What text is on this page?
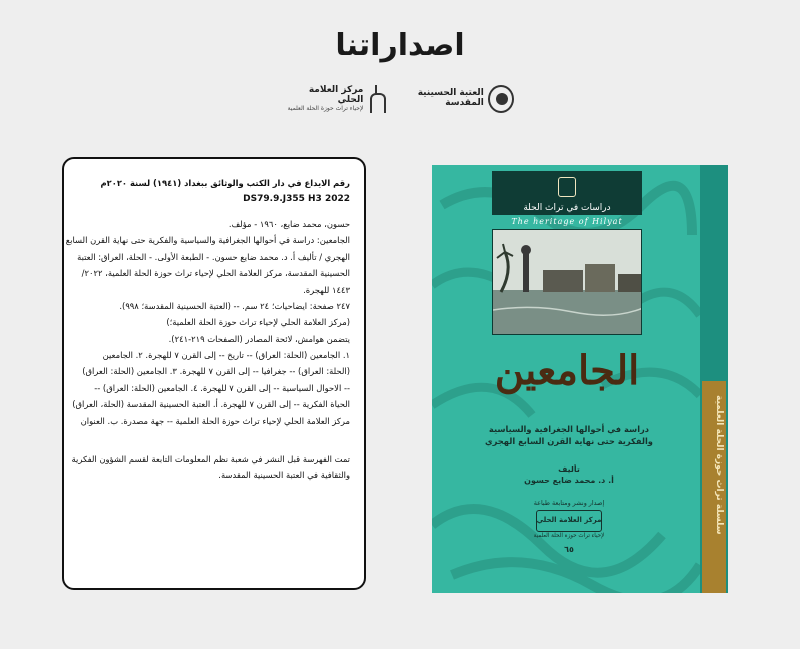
اصداراتنا
العتبة الحسينية المقدسة
مركز العلامة الحلي
لإحياء تراث حوزة الحلة العلمية
رقم الايداع في دار الكتب والوثائق ببغداد (١٩٤١) لسنة ٢٠٢٠م
DS79.9.J355 H3 2022
حسون، محمد ضايع، ١٩٦٠ - مؤلف.
الجامعين: دراسة في أحوالها الجغرافية والسياسية والفكرية حتى نهاية القرن السابع
الهجري / تأليف أ. د. محمد ضايع حسون. - الطبعة الأولى. - الحلة، العراق: العتبة
الحسينية المقدسة، مركز العلامة الحلي لإحياء تراث حوزة الحلة العلمية، ٢٠٢٢/
١٤٤٣ للهجرة.
٢٤٧ صفحة: ايضاحيات؛ ٢٤ سم. -- (العتبة الحسينية المقدسة؛ ٩٩٨).
(مركز العلامة الحلي لإحياء تراث حوزة الحلة العلمية؛)
يتضمن هوامش، لائحة المصادر (الصفحات ٢١٩-٢٤١).
١. الجامعين (الحلة: العراق) -- تاريخ -- إلى القرن ٧ للهجرة. ٢. الجامعين
(الحلة: العراق) -- جغرافيا -- إلى القرن ٧ للهجرة. ٣. الجامعين (الحلة: العراق)
-- الاحوال السياسية -- إلى القرن ٧ للهجرة. ٤. الجامعين (الحلة: العراق) --
الحياة الفكرية -- إلى القرن ٧ للهجرة. أ. العتبة الحسينية المقدسة (الحلة، العراق)
مركز العلامة الحلي لإحياء تراث حوزة الحلة العلمية -- جهة مصدرة. ب. العنوان
تمت الفهرسة قبل النشر في شعبة نظم المعلومات التابعة لقسم الشؤون الفكرية
والثقافية في العتبة الحسينية المقدسة.	سلسلة تراث حوزة الحلة العلمية
دراسات في تراث الحلة
The heritage of Hilyat
الجامعين
دراسة في أحوالها الجغرافية والسياسية
والفكرية حتى نهاية القرن السابع الهجري
تأليف
أ. د. محمد ضايع حسون
إصدار ونشر ومتابعة طباعة
مركز العلامة الحلي
لإحياء تراث حوزة الحلة العلمية
٦٥
